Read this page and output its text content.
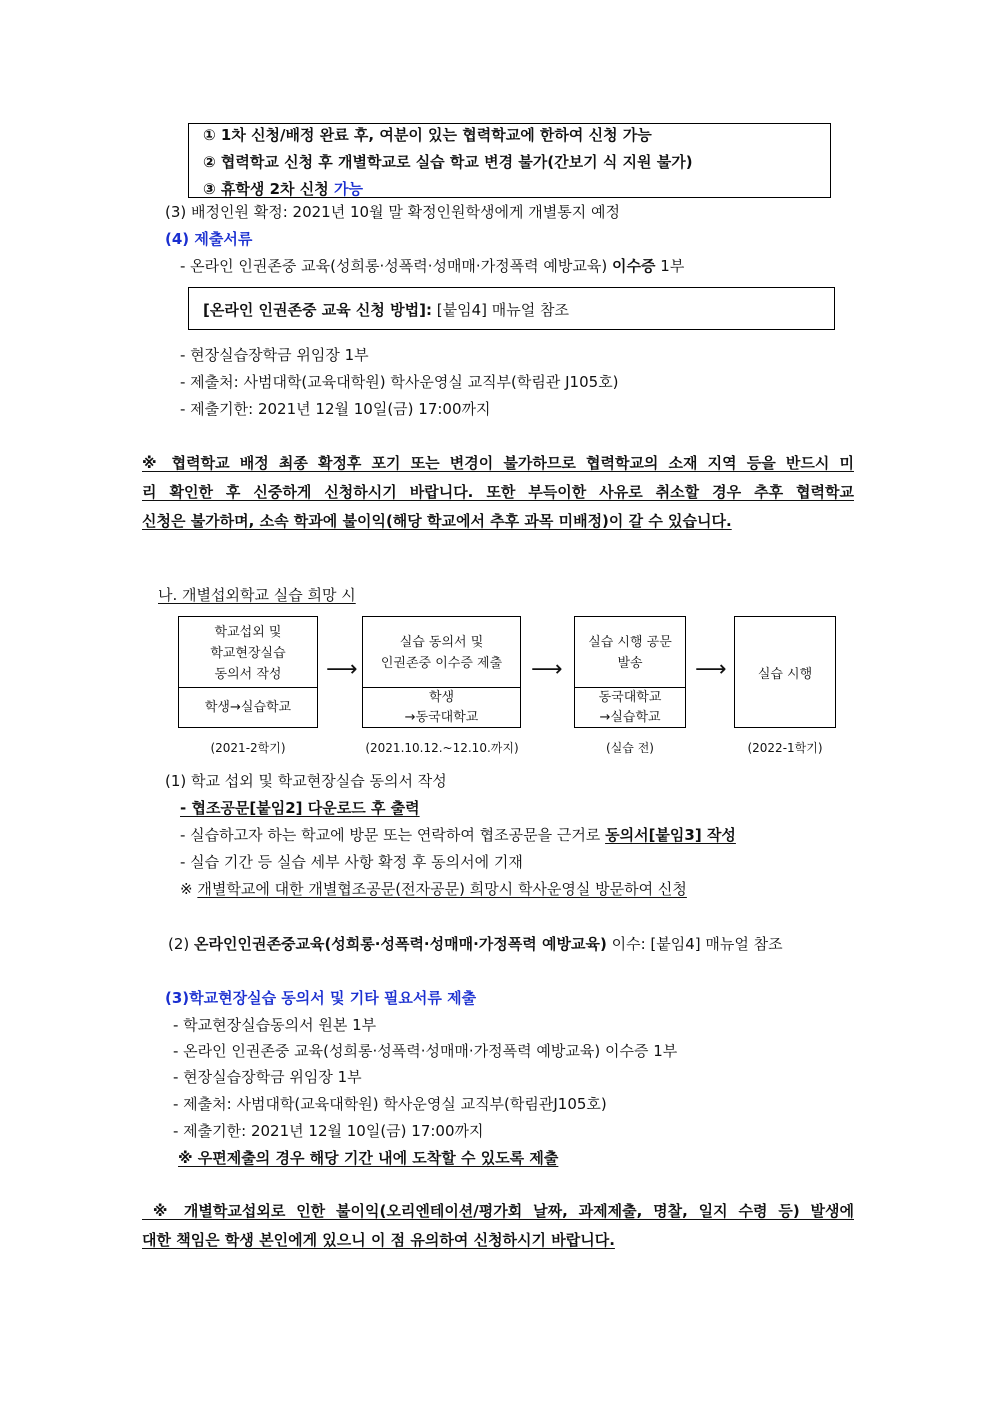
① 1차 신청/배정 완료 후, 여분이 있는 협력학교에 한하여 신청 가능
② 협력학교 신청 후 개별학교로 실습 학교 변경 불가(간보기 식 지원 불가)
③ 휴학생 2차 신청 가능
(3) 배정인원 확정: 2021년 10월 말 확정인원학생에게 개별통지 예정
(4) 제출서류
- 온라인 인권존중 교육(성희롱·성폭력·성매매·가정폭력 예방교육) 이수증 1부
[온라인 인권존중 교육 신청 방법]: [붙임4] 매뉴얼 참조
- 현장실습장학금 위임장 1부
- 제출처: 사범대학(교육대학원) 학사운영실 교직부(학림관 J105호)
- 제출기한: 2021년 12월 10일(금) 17:00까지
※ 협력학교 배정 최종 확정후 포기 또는 변경이 불가하므로 협력학교의 소재 지역 등을 반드시 미
리 확인한 후 신중하게 신청하시기 바랍니다. 또한 부득이한 사유로 취소할 경우 추후 협력학교
신청은 불가하며, 소속 학과에 불이익(해당 학교에서 추후 과목 미배정)이 갈 수 있습니다.
나. 개별섭외학교 실습 희망 시
학교섭외 및
학교현장실습
동의서 작성
학생→실습학교
⟶
실습 동의서 및
인권존중 이수증 제출
학생
→동국대학교
⟶
실습 시행 공문
발송
동국대학교
→실습학교
⟶	실습 시행
(2021-2학기)	(2021.10.12.~12.10.까지)	(실습 전)	(2022-1학기)
(1) 학교 섭외 및 학교현장실습 동의서 작성
- 협조공문[붙임2] 다운로드 후 출력
- 실습하고자 하는 학교에 방문 또는 연락하여 협조공문을 근거로 동의서[붙임3] 작성
- 실습 기간 등 실습 세부 사항 확정 후 동의서에 기재
※ 개별학교에 대한 개별협조공문(전자공문) 희망시 학사운영실 방문하여 신청
(2) 온라인인권존중교육(성희롱·성폭력·성매매·가정폭력 예방교육) 이수: [붙임4] 매뉴얼 참조
(3)학교현장실습 동의서 및 기타 필요서류 제출
- 학교현장실습동의서 원본 1부
- 온라인 인권존중 교육(성희롱·성폭력·성매매·가정폭력 예방교육) 이수증 1부
- 현장실습장학금 위임장 1부
- 제출처: 사범대학(교육대학원) 학사운영실 교직부(학림관J105호)
- 제출기한: 2021년 12월 10일(금) 17:00까지
※ 우편제출의 경우 해당 기간 내에 도착할 수 있도록 제출
※ 개별학교섭외로 인한 불이익(오리엔테이션/평가회 날짜, 과제제출, 명찰, 일지 수령 등) 발생에
대한 책임은 학생 본인에게 있으니 이 점 유의하여 신청하시기 바랍니다.
